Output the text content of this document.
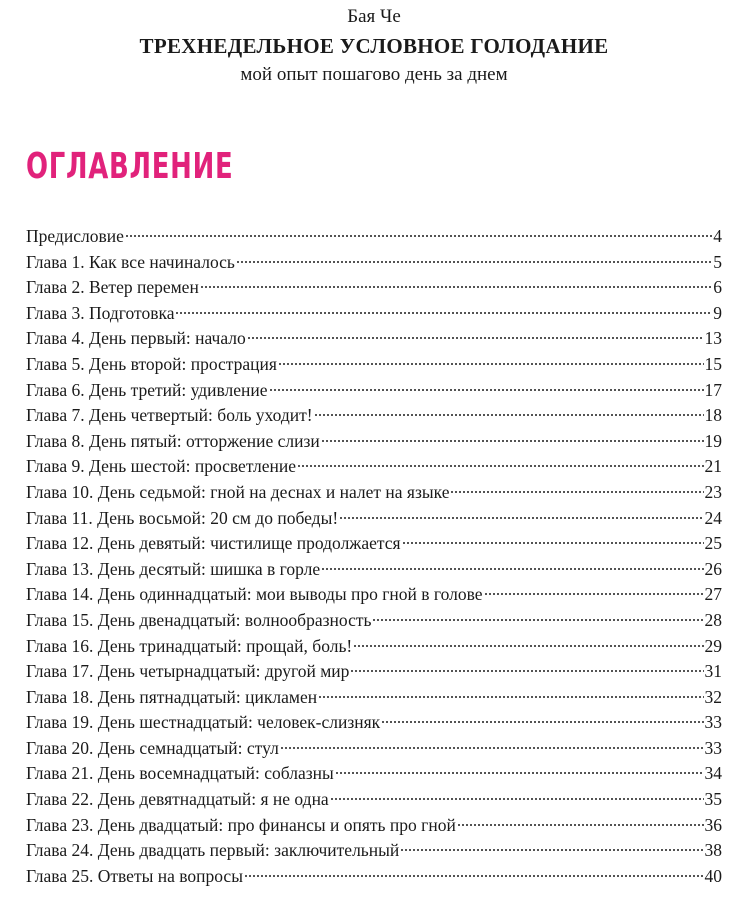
Бая Че
ТРЕХНЕДЕЛЬНОЕ УСЛОВНОЕ ГОЛОДАНИЕ
мой опыт пошагово день за днем
ОГЛАВЛЕНИЕ
Предисловие	4
Глава 1. Как все начиналось	5
Глава 2. Ветер перемен	6
Глава 3. Подготовка	9
Глава 4. День первый: начало	13
Глава 5. День второй: прострация	15
Глава 6. День третий: удивление	17
Глава 7. День четвертый: боль уходит!	18
Глава 8. День пятый: отторжение слизи	19
Глава 9. День шестой: просветление	21
Глава 10. День седьмой: гной на деснах и налет на языке	23
Глава 11. День восьмой: 20 см до победы!	24
Глава 12. День девятый: чистилище продолжается	25
Глава 13. День десятый: шишка в горле	26
Глава 14. День одиннадцатый: мои выводы про гной в голове	27
Глава 15. День двенадцатый: волнообразность	28
Глава 16. День тринадцатый: прощай, боль!	29
Глава 17. День четырнадцатый: другой мир	31
Глава 18. День пятнадцатый: цикламен	32
Глава 19. День шестнадцатый: человек-слизняк	33
Глава 20. День семнадцатый: стул	33
Глава 21. День восемнадцатый: соблазны	34
Глава 22. День девятнадцатый: я не одна	35
Глава 23. День двадцатый: про финансы и опять про гной	36
Глава 24. День двадцать первый: заключительный	38
Глава 25. Ответы на вопросы	40
